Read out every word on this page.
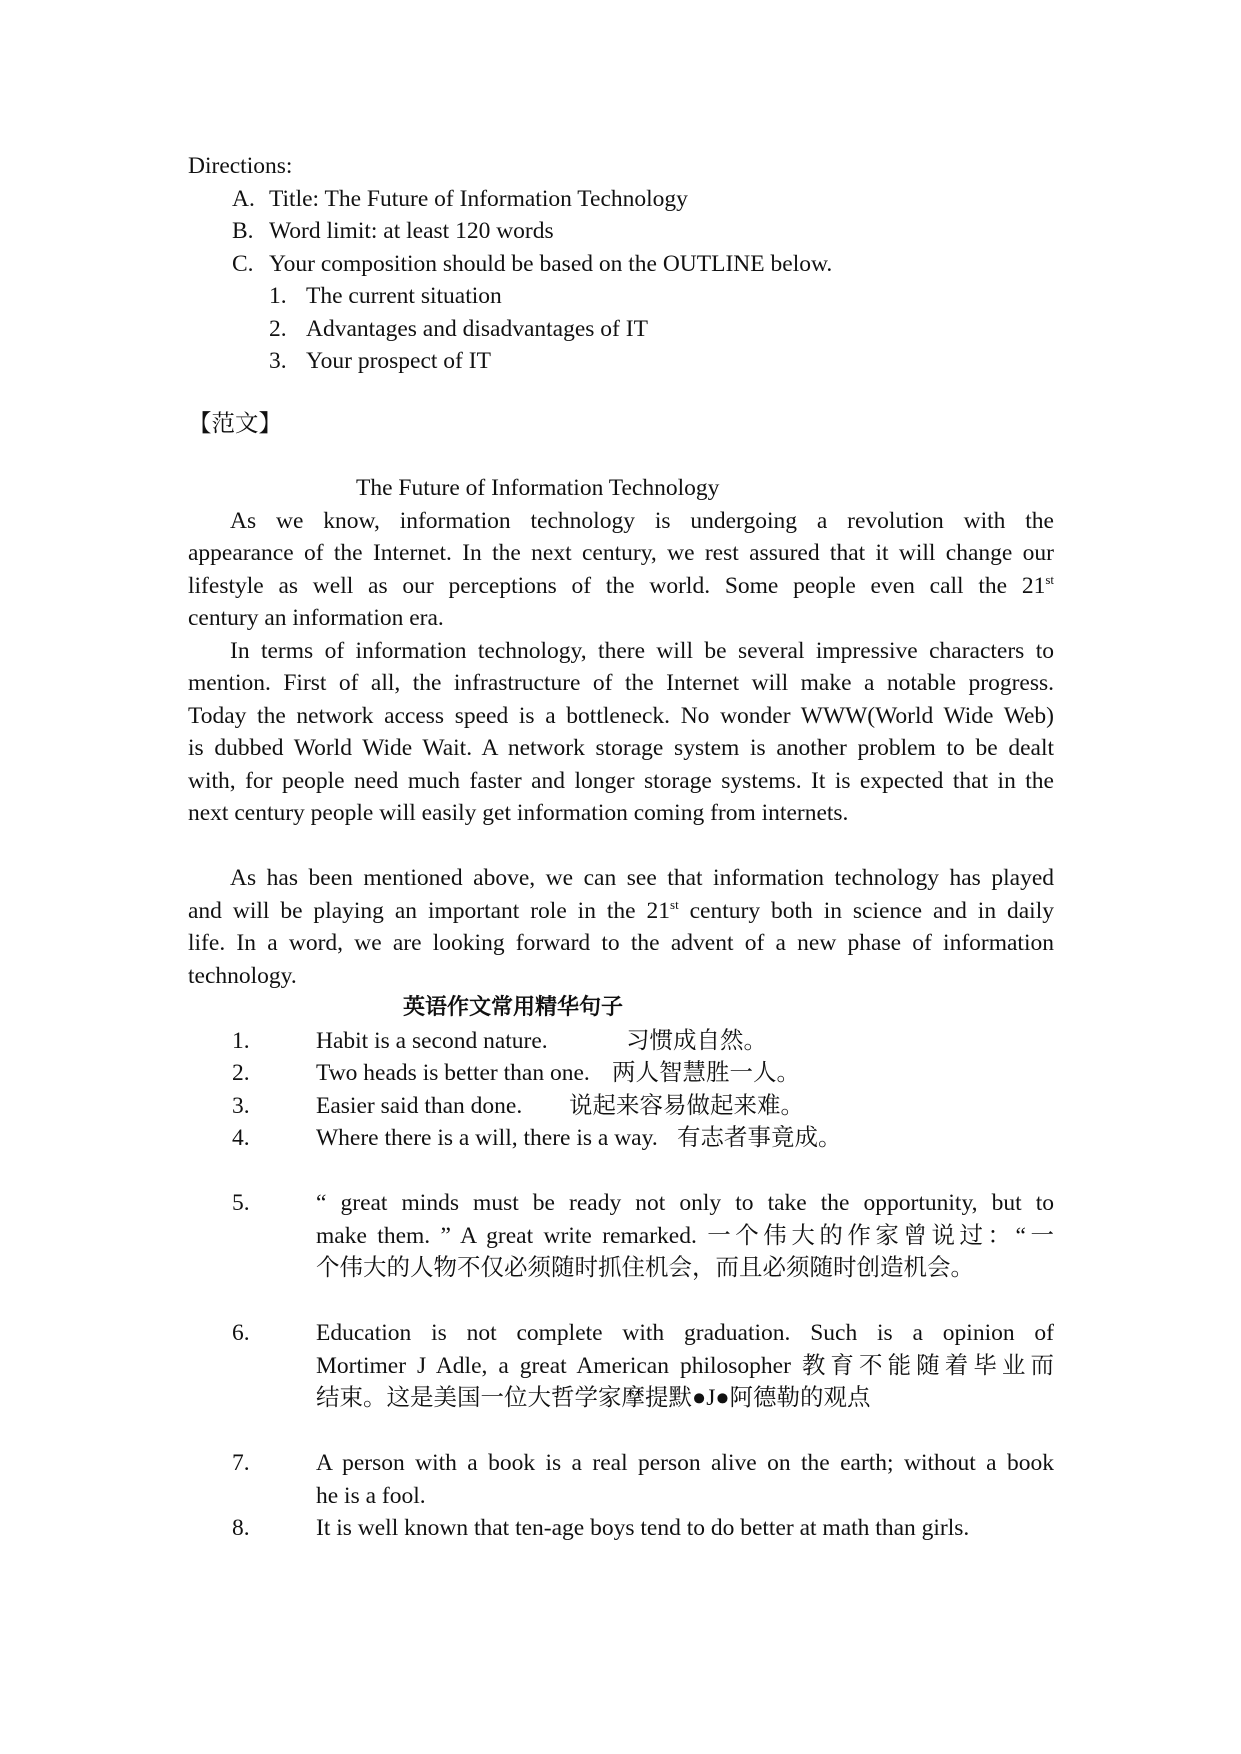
Directions:
A. Title: The Future of Information Technology
B. Word limit: at least 120 words
C. Your composition should be based on the OUTLINE below.
1. The current situation
2. Advantages and disadvantages of IT
3. Your prospect of IT
【范文】
The Future of Information Technology
As we know, information technology is undergoing a revolution with the
appearance of the Internet. In the next century, we rest assured that it will change our
lifestyle as well as our perceptions of the world. Some people even call the 21st
century an information era.
In terms of information technology, there will be several impressive characters to
mention. First of all, the infrastructure of the Internet will make a notable progress.
Today the network access speed is a bottleneck. No wonder WWW(World Wide Web)
is dubbed World Wide Wait. A network storage system is another problem to be dealt
with, for people need much faster and longer storage systems. It is expected that in the
next century people will easily get information coming from internets.
As has been mentioned above, we can see that information technology has played
and will be playing an important role in the 21st century both in science and in daily
life. In a word, we are looking forward to the advent of a new phase of information
technology.
英语作文常用精华句子
1.	Habit is a second nature.	习惯成自然。
2.	Two heads is better than one. 两人智慧胜一人。
3.	Easier said than done. 说起来容易做起来难。
4.	Where there is a will, there is a way. 有志者事竟成。
5.	“ great minds must be ready not only to take the opportunity, but to
make them. ” A great write remarked. 一个伟大的作家曾说过：“一
个伟大的人物不仅必须随时抓住机会，而且必须随时创造机会。
6.	Education is not complete with graduation. Such is a opinion of
Mortimer J Adle, a great American philosopher 教育不能随着毕业而
结束。这是美国一位大哲学家摩提默●J●阿德勒的观点
7.	A person with a book is a real person alive on the earth; without a book
he is a fool.
8.	It is well known that ten-age boys tend to do better at math than girls.
